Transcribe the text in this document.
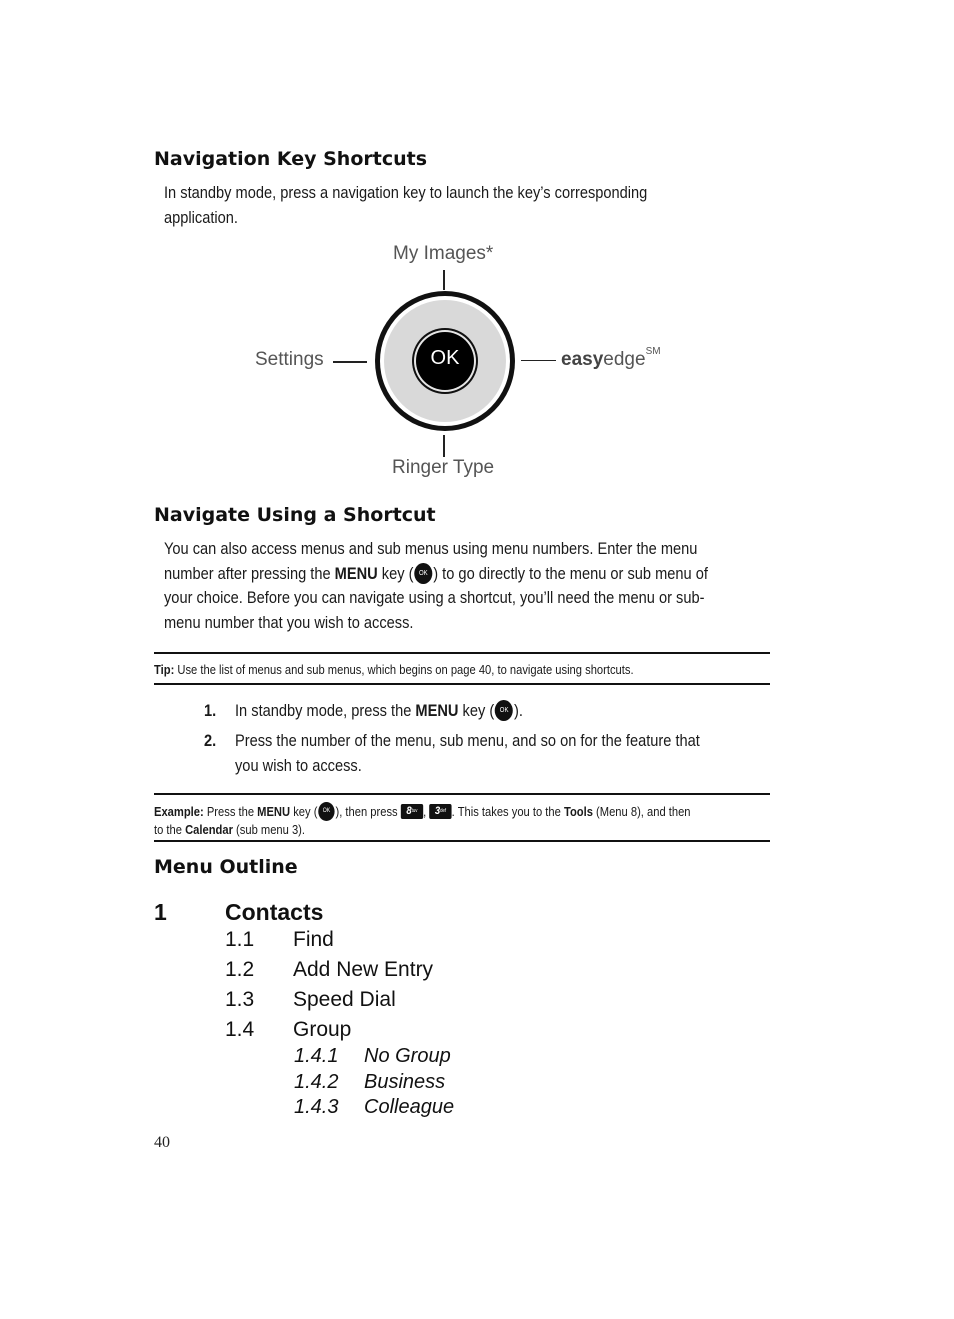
Navigation Key Shortcuts
In standby mode, press a navigation key to launch the key’s corresponding
application.
My Images*
Settings	easyedge℠
Ringer Type
OK
Navigate Using a Shortcut
You can also access menus and sub menus using menu numbers. Enter the menu
number after pressing the MENU key ( OK ) to go directly to the menu or sub menu of
your choice. Before you can navigate using a shortcut, you’ll need the menu or sub-
menu number that you wish to access.
Tip: Use the list of menus and sub menus, which begins on page 40, to navigate using shortcuts.
1. In standby mode, press the MENU key ( OK ).
2. Press the number of the menu, sub menu, and so on for the feature that
you wish to access.
Example: Press the MENU key ( OK ), then press $8^{tuv}$ , $3^{def}$ . This takes you to the Tools (Menu 8), and then
to the Calendar (sub menu 3).
Menu Outline
1	Contacts
1.1 Find
1.2 Add New Entry
1.3 Speed Dial
1.4 Group
1.4.1 No Group
1.4.2 Business
1.4.3 Colleague
40
